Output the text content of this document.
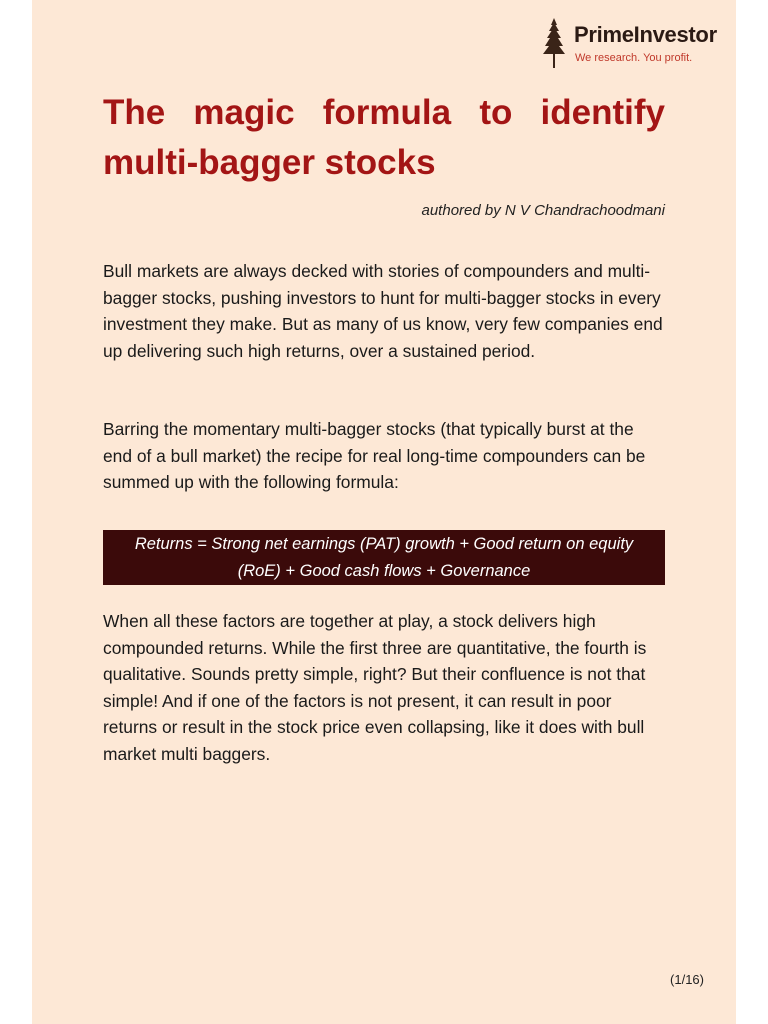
PrimeInvestor
We research. You profit.
The magic formula to identify multi-bagger stocks
authored by N V Chandrachoodmani

Bull markets are always decked with stories of compounders and multi-bagger stocks, pushing investors to hunt for multi-bagger stocks in every investment they make. But as many of us know, very few companies end up delivering such high returns, over a sustained period.

Barring the momentary multi-bagger stocks (that typically burst at the end of a bull market) the recipe for real long-time compounders can be summed up with the following formula:

Returns = Strong net earnings (PAT) growth + Good return on equity
(RoE) + Good cash flows + Governance

When all these factors are together at play, a stock delivers high compounded returns. While the first three are quantitative, the fourth is qualitative. Sounds pretty simple, right? But their confluence is not that simple! And if one of the factors is not present, it can result in poor returns or result in the stock price even collapsing, like it does with bull market multi baggers.

(1/16)
